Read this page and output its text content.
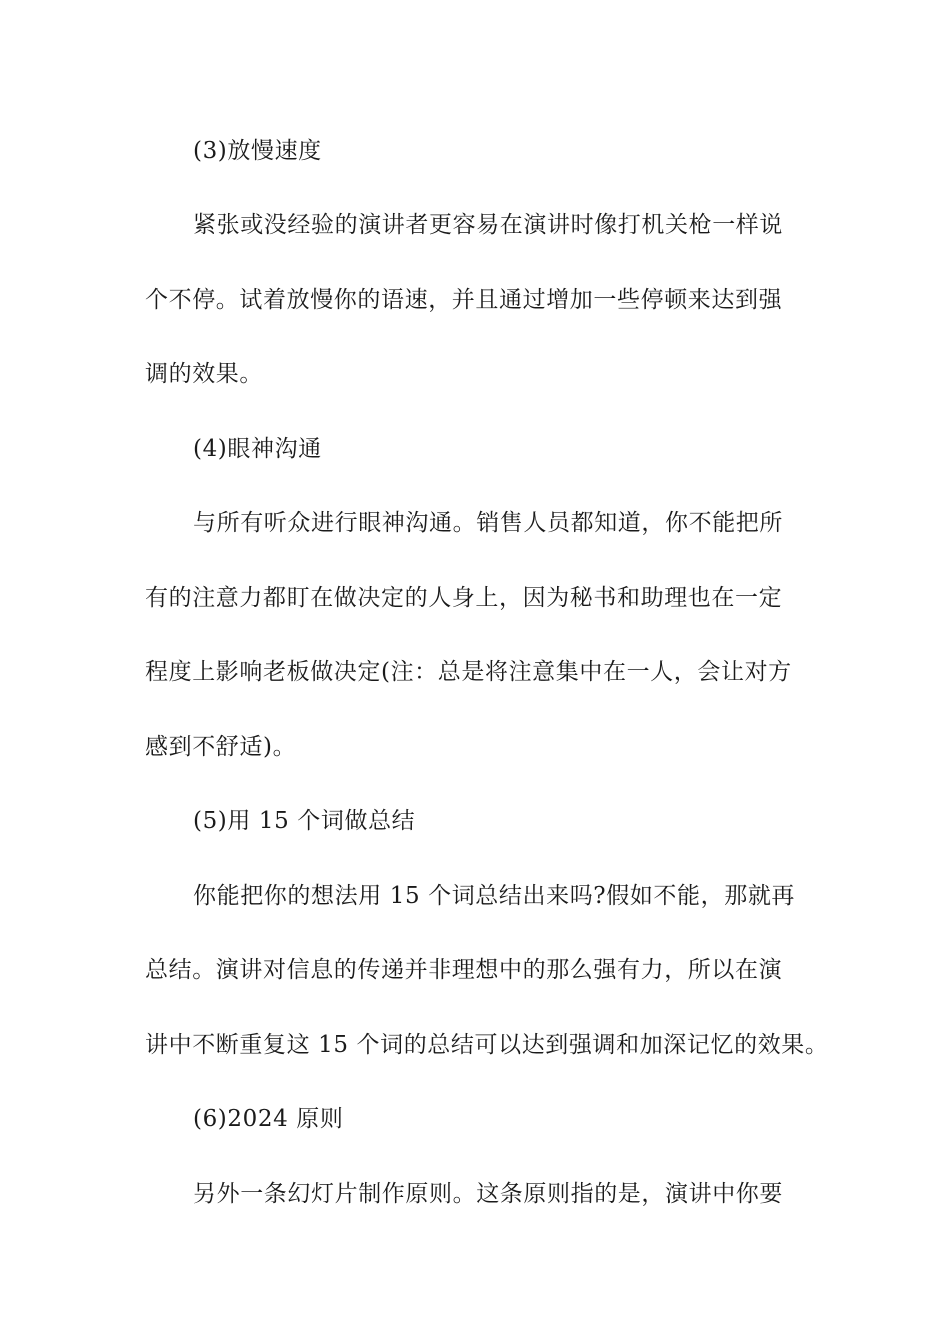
(3)放慢速度
紧张或没经验的演讲者更容易在演讲时像打机关枪一样说
个不停。试着放慢你的语速，并且通过增加一些停顿来达到强
调的效果。
(4)眼神沟通
与所有听众进行眼神沟通。销售人员都知道，你不能把所
有的注意力都盯在做决定的人身上，因为秘书和助理也在一定
程度上影响老板做决定(注：总是将注意集中在一人，会让对方
感到不舒适)。
(5)用 15 个词做总结
你能把你的想法用 15 个词总结出来吗?假如不能，那就再
总结。演讲对信息的传递并非理想中的那么强有力，所以在演
讲中不断重复这 15 个词的总结可以达到强调和加深记忆的效果。
(6)2024 原则
另外一条幻灯片制作原则。这条原则指的是，演讲中你要
